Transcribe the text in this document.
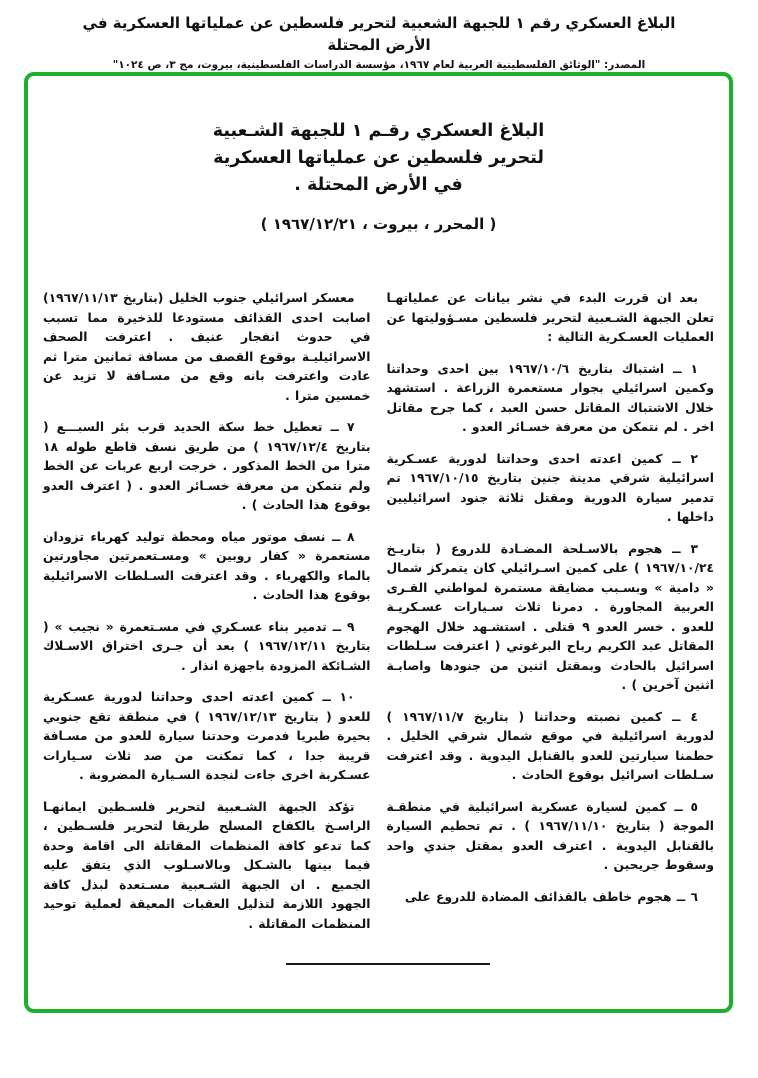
البلاغ العسكري رقم ١ للجبهة الشعبية لتحرير فلسطين عن عملياتها العسكرية في الأرض المحتلة
المصدر: "الوثائق الفلسطينية العربية لعام ١٩٦٧، مؤسسة الدراسات الفلسطينية، بيروت، مج ٣، ص ١٠٢٤"
البلاغ العسكري رقـم ١ للجبهة الشـعبية
لتحرير فلسطين عن عملياتها العسكرية
في الأرض المحتلة .
( المحرر ، بيروت ، ١٩٦٧/١٢/٢١ )

بعد ان قررت البدء في نشر بيانات عن عملياتهـا تعلن الجبهة الشـعبية لتحرير فلسطين مسـؤوليتها عن العمليات العسـكرية التالية :

١ ــ اشتباك بتاريخ ١٩٦٧/١٠/٦ بين احدى وحداتنا وكمين اسرائيلي بجوار مستعمرة الزراعة . استشهد خلال الاشتباك المقاتل حسن العبد ، كما جرح مقاتل اخر . لم نتمكن من معرفة خسـائر العدو .

٢ ــ كمين اعدته احدى وحداتنا لدورية عسـكرية اسرائيلية شرقي مدينة جنين بتاريخ ١٩٦٧/١٠/١٥ تم تدمير سيارة الدورية ومقتل ثلاثة جنود اسرائيليين داخلها .

٣ ــ هجوم بالاسـلحة المضـادة للدروع ( بتاريـخ ١٩٦٧/١٠/٢٤ ) على كمين اسـرائيلي كان يتمركز شمال « دامية » وبسـبب مضايقة مستمرة لمواطني القـرى العربية المجاورة . دمرنا ثلاث سـيارات عسـكريـة للعدو . خسر العدو ٩ قتلى . استشـهد خلال الهجوم المقاتل عبد الكريم رباح البرغوتي ( اعترفت سـلطات اسرائيل بالحادث وبمقتل اثنين من جنودها واصابـة اثنين آخرين ) .

٤ ــ كمين نصبته وحداتنا ( بتاريخ ١٩٦٧/١١/٧ ) لدورية اسرائيلية في موقع شمال شرقي الخليل . حطمنا سيارتين للعدو بالقنابل اليدوية . وقد اعترفت سـلطات اسرائيل بوقوع الحادث .

٥ ــ كمين لسيارة عسكرية اسرائيلية في منطقـة الموجة ( بتاريخ ١٩٦٧/١١/١٠ ) . تم تحطيم السيارة بالقنابل اليدوية . اعترف العدو بمقتل جندي واحد وسقوط جريحين .

٦ ــ هجوم خاطف بالقذائف المضادة للدروع على

معسكر اسرائيلي جنوب الخليل (بتاريخ ١٩٦٧/١١/١٣) اصابت احدى القذائف مستودعا للذخيرة مما تسبب في حدوث انفجار عنيف . اعترفت الصحف الاسرائيليـة بوقوع القصف من مسافة ثمانين مترا ثم عادت واعترفت بانه وقع من مسـافة لا تزيد عن خمسين مترا .

٧ ــ تعطيل خط سكة الحديد قرب بئر السبـــع ( بتاريخ ١٩٦٧/١٢/٤ ) من طريق نسف قاطع طوله ١٨ مترا من الخط المذكور . خرجت اربع عربات عن الخط ولم نتمكن من معرفة خسـائر العدو . ( اعترف العدو بوقوع هذا الحادث ) .

٨ ــ نسف موتور مياه ومحطة توليد كهرباء تزودان مستعمرة « كفار روبين » ومسـتعمرتين مجاورتين بالماء والكهرباء . وقد اعترفت السـلطات الاسرائيلية بوقوع هذا الحادث .

٩ ــ تدمير بناء عسـكري في مسـتعمرة « نجيب » ( بتاريخ ١٩٦٧/١٢/١١ ) بعد أن جـرى اختراق الاسـلاك الشـائكة المزودة باجهزة انذار .

١٠ ــ كمين اعدته احدى وحداتنا لدورية عسـكرية للعدو ( بتاريخ ١٩٦٧/١٢/١٣ ) في منطقة تقع جنوبي بحيرة طبريا فدمرت وحدتنا سيارة للعدو من مسـافة قريبة جدا ، كما تمكنت من صد ثلاث سـيارات عسـكربة اخرى جاءت لنجدة السـيارة المضروبة .

تؤكد الجبهة الشـعبية لتحرير فلسـطين ايمانهـا الراسـخ بالكفاح المسلح طريقا لتحرير فلسـطين ، كما تدعو كافة المنظمات المقاتلة الى اقامة وحدة فيما بينها بالشـكل وبالاسـلوب الذي يتفق عليه الجميع . ان الجبهة الشـعبية مسـتعدة لبذل كافة الجهود اللازمة لتذليل العقبات المعيقة لعملية توحيد المنظمات المقاتلة .
